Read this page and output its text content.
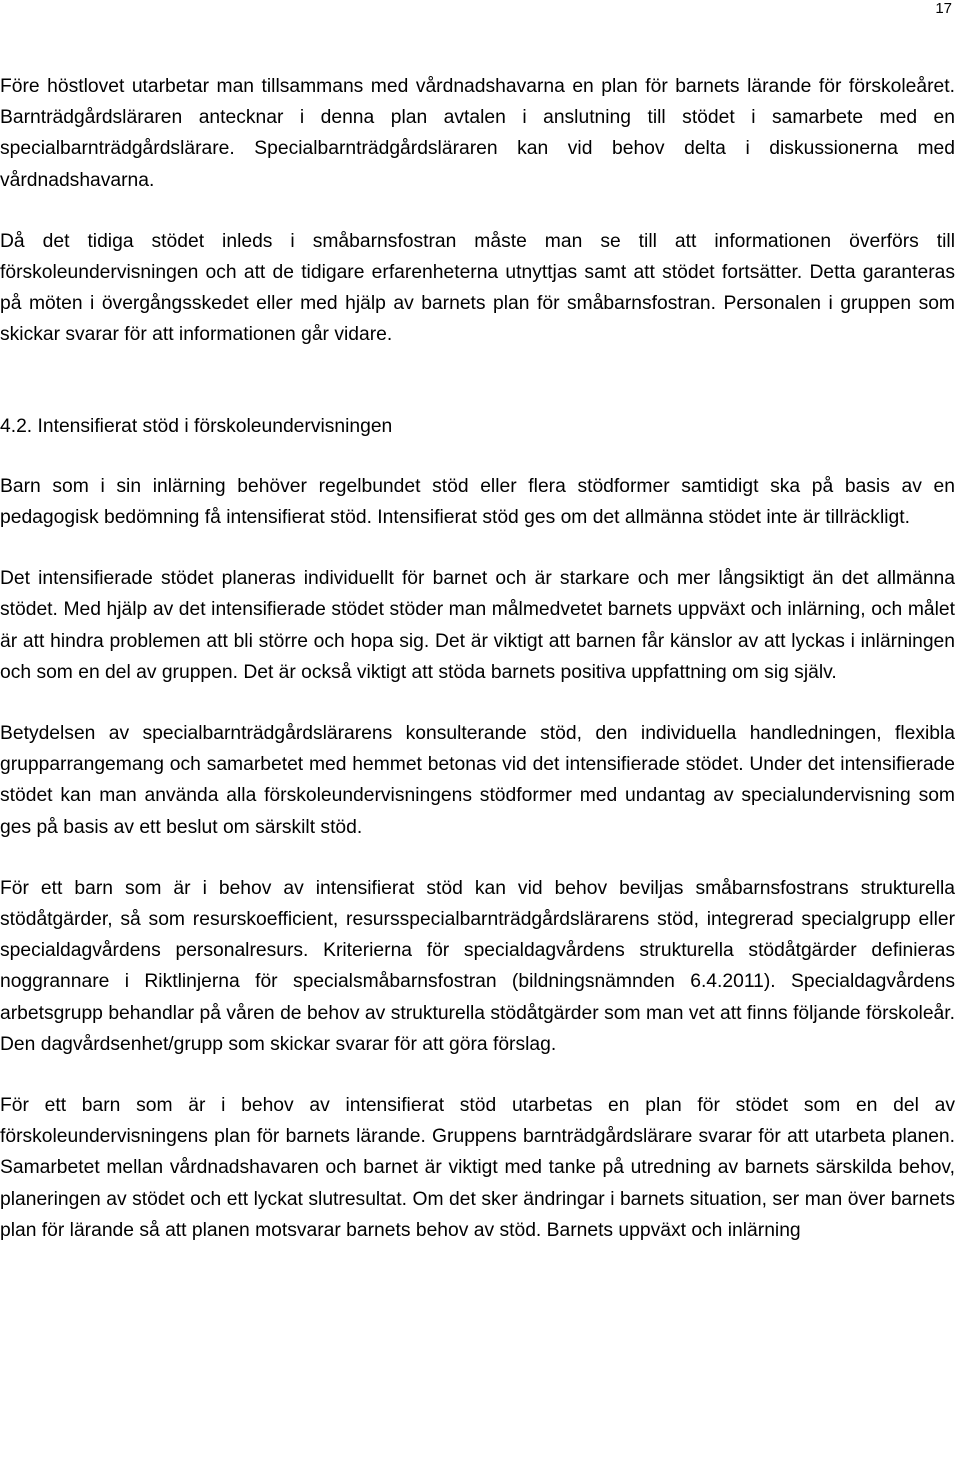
17

Före höstlovet utarbetar man tillsammans med vårdnadshavarna en plan för barnets lärande för förskoleåret. Barnträdgårdsläraren antecknar i denna plan avtalen i anslutning till stödet i samarbete med en specialbarnträdgårdslärare. Specialbarnträdgårdsläraren kan vid behov delta i diskussionerna med vårdnadshavarna.

Då det tidiga stödet inleds i småbarnsfostran måste man se till att informationen överförs till förskoleundervisningen och att de tidigare erfarenheterna utnyttjas samt att stödet fortsätter. Detta garanteras på möten i övergångsskedet eller med hjälp av barnets plan för småbarnsfostran. Personalen i gruppen som skickar svarar för att informationen går vidare.

4.2. Intensifierat stöd i förskoleundervisningen

Barn som i sin inlärning behöver regelbundet stöd eller flera stödformer samtidigt ska på basis av en pedagogisk bedömning få intensifierat stöd. Intensifierat stöd ges om det allmänna stödet inte är tillräckligt.

Det intensifierade stödet planeras individuellt för barnet och är starkare och mer långsiktigt än det allmänna stödet. Med hjälp av det intensifierade stödet stöder man målmedvetet barnets uppväxt och inlärning, och målet är att hindra problemen att bli större och hopa sig. Det är viktigt att barnen får känslor av att lyckas i inlärningen och som en del av gruppen. Det är också viktigt att stöda barnets positiva uppfattning om sig själv.

Betydelsen av specialbarnträdgårdslärarens konsulterande stöd, den individuella handledningen, flexibla grupparrangemang och samarbetet med hemmet betonas vid det intensifierade stödet. Under det intensifierade stödet kan man använda alla förskoleundervisningens stödformer med undantag av specialundervisning som ges på basis av ett beslut om särskilt stöd.

För ett barn som är i behov av intensifierat stöd kan vid behov beviljas småbarnsfostrans strukturella stödåtgärder, så som resurskoefficient, resursspecialbarnträdgårdslärarens stöd, integrerad specialgrupp eller specialdagvårdens personalresurs. Kriterierna för specialdagvårdens strukturella stödåtgärder definieras noggrannare i Riktlinjerna för specialsmåbarnsfostran (bildningsnämnden 6.4.2011). Specialdagvårdens arbetsgrupp behandlar på våren de behov av strukturella stödåtgärder som man vet att finns följande förskoleår. Den dagvårdsenhet/grupp som skickar svarar för att göra förslag.

För ett barn som är i behov av intensifierat stöd utarbetas en plan för stödet som en del av förskoleundervisningens plan för barnets lärande. Gruppens barnträdgårdslärare svarar för att utarbeta planen. Samarbetet mellan vårdnadshavaren och barnet är viktigt med tanke på utredning av barnets särskilda behov, planeringen av stödet och ett lyckat slutresultat. Om det sker ändringar i barnets situation, ser man över barnets plan för lärande så att planen motsvarar barnets behov av stöd. Barnets uppväxt och inlärning
